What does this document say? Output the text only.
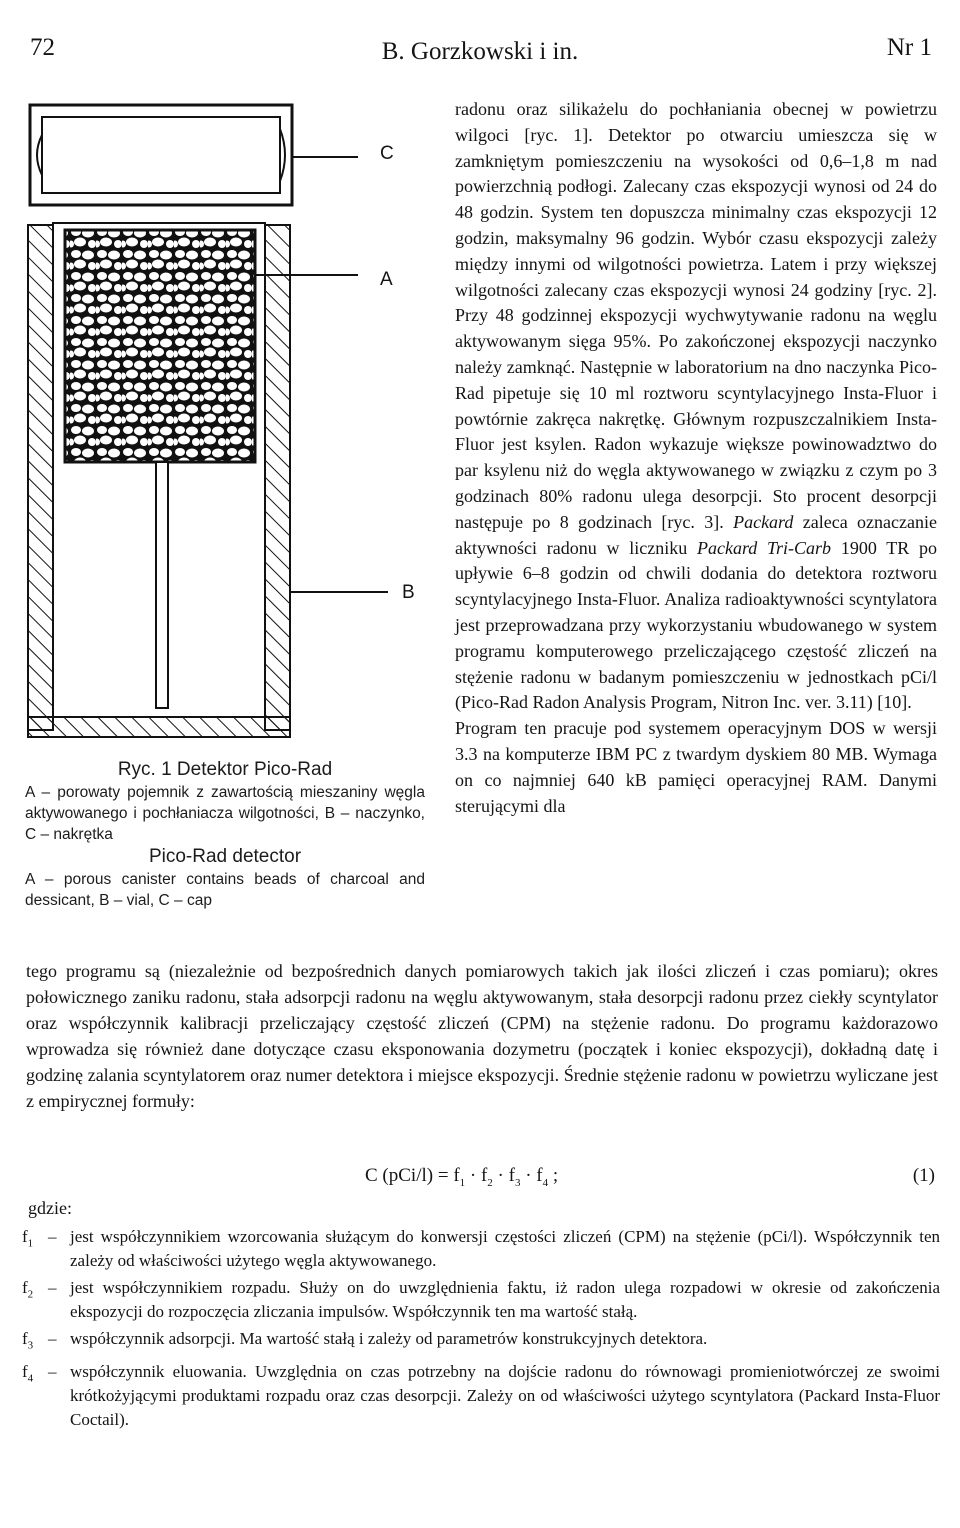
72	B. Gorzkowski i in.	Nr 1
C
A
B
Ryc. 1 Detektor Pico-Rad
A – porowaty pojemnik z zawartością mieszaniny węgla aktywowanego i pochłaniacza wilgotności, B – naczynko, C – nakrętka
Pico-Rad detector
A – porous canister contains beads of charcoal and dessicant, B – vial, C – cap

radonu oraz silikażelu do pochłaniania obecnej w powietrzu wilgoci [ryc. 1]. Detektor po otwarciu umieszcza się w zamkniętym pomieszczeniu na wysokości od 0,6–1,8 m nad powierzchnią podłogi. Zalecany czas ekspozycji wynosi od 24 do 48 godzin. System ten dopuszcza minimalny czas ekspozycji 12 godzin, maksymalny 96 godzin. Wybór czasu ekspozycji zależy między innymi od wilgotności powietrza. Latem i przy większej wilgotności zalecany czas ekspozycji wynosi 24 godziny [ryc. 2]. Przy 48 godzinnej ekspozycji wychwytywanie radonu na węglu aktywowanym sięga 95%. Po zakończonej ekspozycji naczynko należy zamknąć. Następnie w laboratorium na dno naczynka Pico-Rad pipetuje się 10 ml roztworu scyntylacyjnego Insta-Fluor i powtórnie zakręca nakrętkę. Głównym rozpuszczalnikiem Insta-Fluor jest ksylen. Radon wykazuje większe powinowadztwo do par ksylenu niż do węgla aktywowanego w związku z czym po 3 godzinach 80% radonu ulega desorpcji. Sto procent desorpcji następuje po 8 godzinach [ryc. 3]. Packard zaleca oznaczanie aktywności radonu w liczniku Packard Tri-Carb 1900 TR po upływie 6–8 godzin od chwili dodania do detektora roztworu scyntylacyjnego Insta-Fluor. Analiza radioaktywności scyntylatora jest przeprowadzana przy wykorzystaniu wbudowanego w system programu komputerowego przeliczającego częstość zliczeń na stężenie radonu w badanym pomieszczeniu w jednostkach pCi/l (Pico-Rad Radon Analysis Program, Nitron Inc. ver. 3.11) [10].

Program ten pracuje pod systemem operacyjnym DOS w wersji 3.3 na komputerze IBM PC z twardym dyskiem 80 MB. Wymaga on co najmniej 640 kB pamięci operacyjnej RAM. Danymi sterującymi dla

tego programu są (niezależnie od bezpośrednich danych pomiarowych takich jak ilości zliczeń i czas pomiaru); okres połowicznego zaniku radonu, stała adsorpcji radonu na węglu aktywowanym, stała desorpcji radonu przez ciekły scyntylator oraz współczynnik kalibracji przeliczający częstość zliczeń (CPM) na stężenie radonu. Do programu każdorazowo wprowadza się również dane dotyczące czasu eksponowania dozymetru (początek i koniec ekspozycji), dokładną datę i godzinę zalania scyntylatorem oraz numer detektora i miejsce ekspozycji. Średnie stężenie radonu w powietrzu wyliczane jest z empirycznej formuły:

C $(pCi/l) = f_1 \cdot f_2 \cdot f_3 \cdot f_4$ ;	(1)
gdzie:
$f_1$ – jest współczynnikiem wzorcowania służącym do konwersji częstości zliczeń (CPM) na stężenie (pCi/l). Współczynnik ten zależy od właściwości użytego węgla aktywowanego.
$f_2$ – jest współczynnikiem rozpadu. Służy on do uwzględnienia faktu, iż radon ulega rozpadowi w okresie od zakończenia ekspozycji do rozpoczęcia zliczania impulsów. Współczynnik ten ma wartość stałą.
$f_3$ – współczynnik adsorpcji. Ma wartość stałą i zależy od parametrów konstrukcyjnych detektora.
$f_4$ – współczynnik eluowania. Uwzględnia on czas potrzebny na dojście radonu do równowagi promieniotwórczej ze swoimi krótkożyjącymi produktami rozpadu oraz czas desorpcji. Zależy on od właściwości użytego scyntylatora (Packard Insta-Fluor Coctail).
